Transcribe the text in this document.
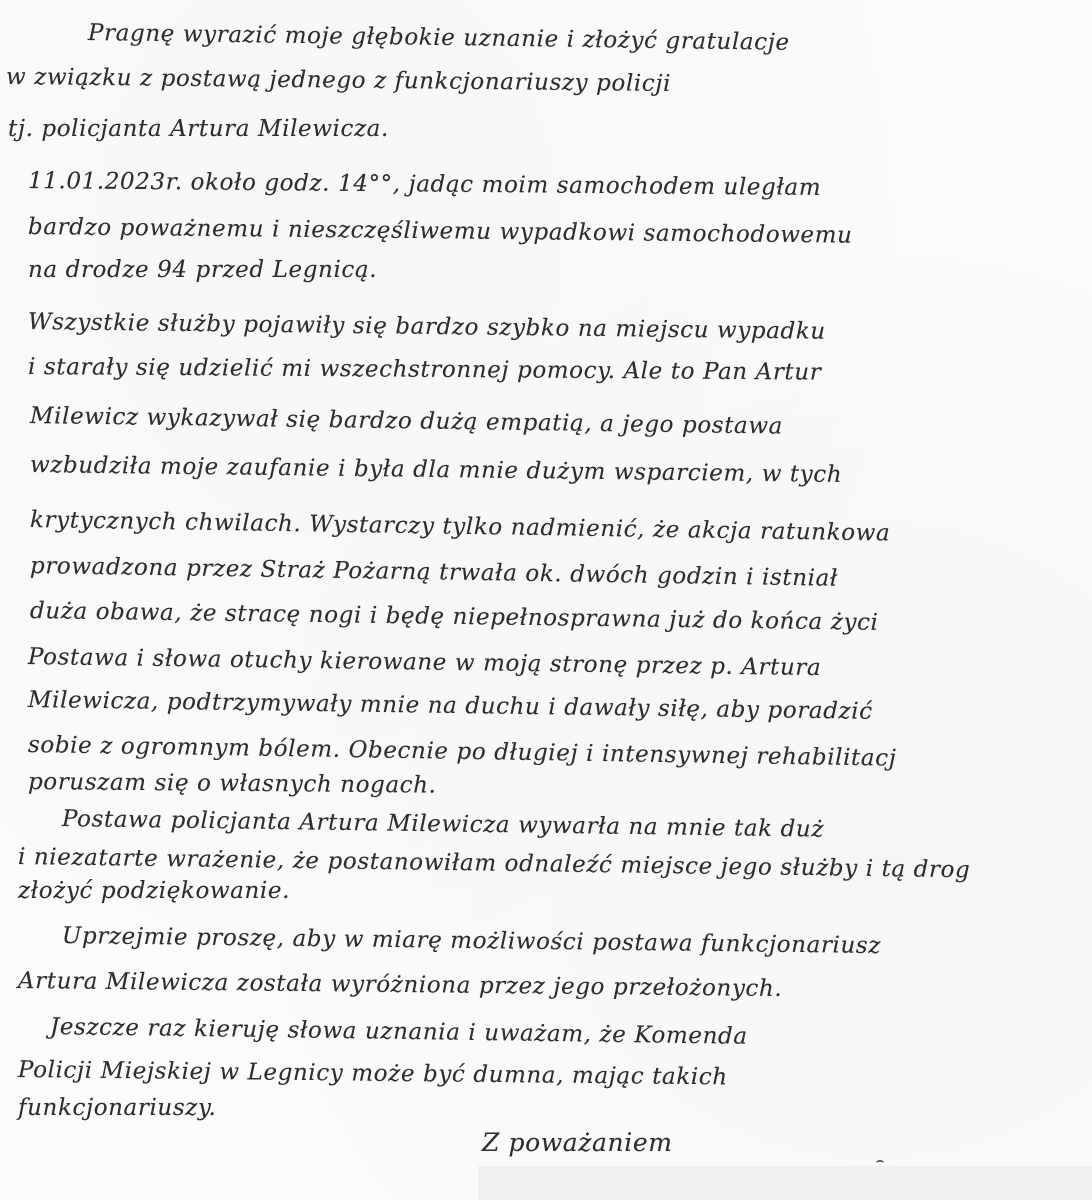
Pragnę wyrazić moje głębokie uznanie i złożyć gratulacje
w związku z postawą jednego z funkcjonariuszy policji
tj. policjanta Artura Milewicza.
11.01.2023r. około godz. 14°°, jadąc moim samochodem uległam
bardzo poważnemu i nieszczęśliwemu wypadkowi samochodowemu
na drodze 94 przed Legnicą.
Wszystkie służby pojawiły się bardzo szybko na miejscu wypadku
i starały się udzielić mi wszechstronnej pomocy. Ale to Pan Artur
Milewicz wykazywał się bardzo dużą empatią, a jego postawa
wzbudziła moje zaufanie i była dla mnie dużym wsparciem, w tych
krytycznych chwilach. Wystarczy tylko nadmienić, że akcja ratunkowa
prowadzona przez Straż Pożarną trwała ok. dwóch godzin i istniał
duża obawa, że stracę nogi i będę niepełnosprawna już do końca życi
Postawa i słowa otuchy kierowane w moją stronę przez p. Artura
Milewicza, podtrzymywały mnie na duchu i dawały siłę, aby poradzić
sobie z ogromnym bólem. Obecnie po długiej i intensywnej rehabilitacj
poruszam się o własnych nogach.
Postawa policjanta Artura Milewicza wywarła na mnie tak duż
i niezatarte wrażenie, że postanowiłam odnaleźć miejsce jego służby i tą drog
złożyć podziękowanie.
Uprzejmie proszę, aby w miarę możliwości postawa funkcjonariusz
Artura Milewicza została wyróżniona przez jego przełożonych.
Jeszcze raz kieruję słowa uznania i uważam, że Komenda
Policji Miejskiej w Legnicy może być dumna, mając takich
funkcjonariuszy.
Z poważaniem
